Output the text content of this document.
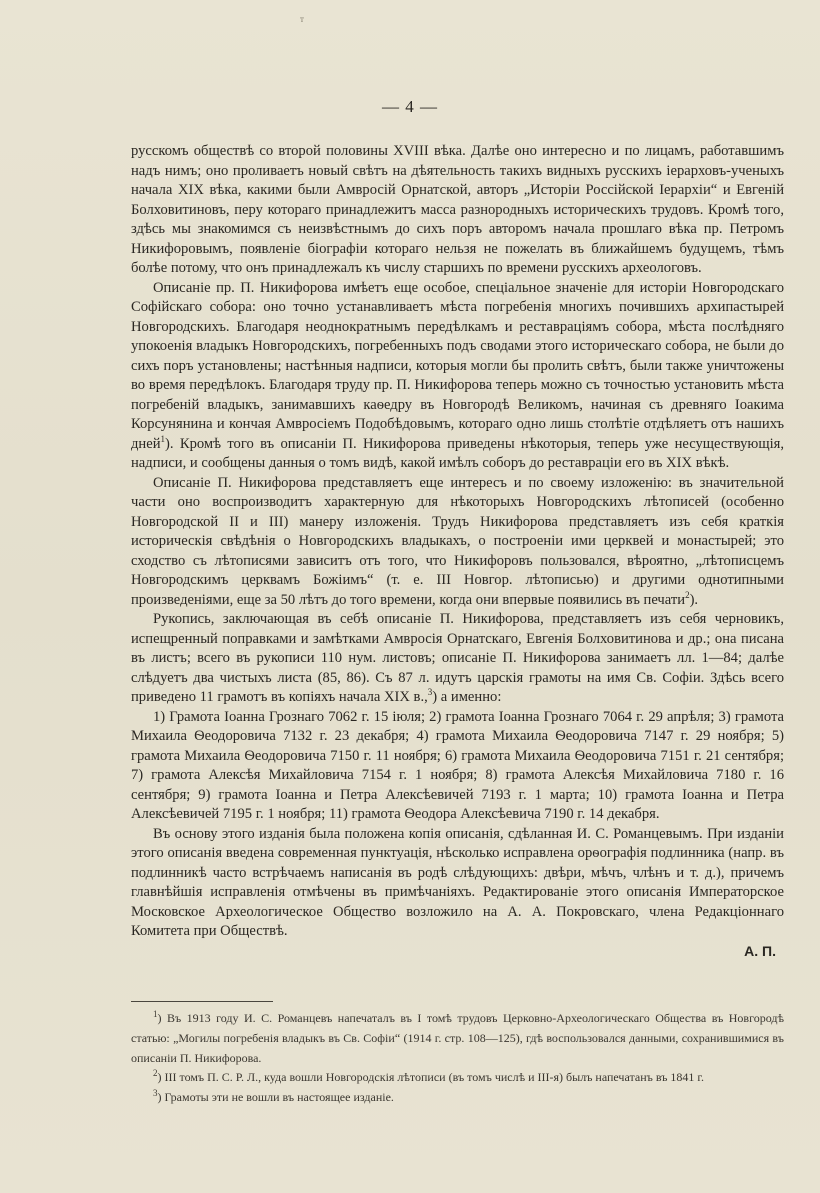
т
— 4 —

русскомъ обществѣ со второй половины XVIII вѣка. Далѣе оно интересно и по лицамъ, работавшимъ надъ нимъ; оно проливаетъ новый свѣтъ на дѣятельность такихъ видныхъ русскихъ іерарховъ-ученыхъ начала XIX вѣка, какими были Амвросій Орнатской, авторъ „Исторіи Россійской Іерархіи“ и Евгеній Болховитиновъ, перу котораго принадлежитъ масса разнородныхъ историческихъ трудовъ. Кромѣ того, здѣсь мы знакомимся съ неизвѣстнымъ до сихъ поръ авторомъ начала прошлаго вѣка пр. Петромъ Никифоровымъ, появленіе біографіи котораго нельзя не пожелать въ ближайшемъ будущемъ, тѣмъ болѣе потому, что онъ принадлежалъ къ числу старшихъ по времени русскихъ археологовъ.

Описаніе пр. П. Никифорова имѣетъ еще особое, спеціальное значеніе для исторіи Новгородскаго Софійскаго собора: оно точно устанавливаетъ мѣста погребенія многихъ почившихъ архипастырей Новгородскихъ. Благодаря неоднократнымъ передѣлкамъ и реставраціямъ собора, мѣста послѣдняго упокоенія владыкъ Новгородскихъ, погребенныхъ подъ сводами этого историческаго собора, не были до сихъ поръ установлены; настѣнныя надписи, которыя могли бы пролить свѣтъ, были также уничтожены во время передѣлокъ. Благодаря труду пр. П. Никифорова теперь можно съ точностью установить мѣста погребеній владыкъ, занимавшихъ каѳедру въ Новгородѣ Великомъ, начиная съ древняго Іоакима Корсунянина и кончая Амвросіемъ Подобѣдовымъ, котораго одно лишь столѣтіе отдѣляетъ отъ нашихъ дней$^1$). Кромѣ того въ описаніи П. Никифорова приведены нѣкоторыя, теперь уже несуществующія, надписи, и сообщены данныя о томъ видѣ, какой имѣлъ соборъ до реставраціи его въ XIX вѣкѣ.

Описаніе П. Никифорова представляетъ еще интересъ и по своему изложенію: въ значительной части оно воспроизводитъ характерную для нѣкоторыхъ Новгородскихъ лѣтописей (особенно Новгородской II и III) манеру изложенія. Трудъ Никифорова представляетъ изъ себя краткія историческія свѣдѣнія о Новгородскихъ владыкахъ, о построеніи ими церквей и монастырей; это сходство съ лѣтописями зависитъ отъ того, что Никифоровъ пользовался, вѣроятно, „лѣтописцемъ Новгородскимъ церквамъ Божіимъ“ (т. е. III Новгор. лѣтописью) и другими однотипными произведеніями, еще за 50 лѣтъ до того времени, когда они впервые появились въ печати$^2$).

Рукопись, заключающая въ себѣ описаніе П. Никифорова, представляетъ изъ себя черновикъ, испещренный поправками и замѣтками Амвросія Орнатскаго, Евгенія Болховитинова и др.; она писана въ листъ; всего въ рукописи 110 нум. листовъ; описаніе П. Никифорова занимаетъ лл. 1—84; далѣе слѣдуетъ два чистыхъ листа (85, 86). Съ 87 л. идутъ царскія грамоты на имя Св. Софіи. Здѣсь всего приведено 11 грамотъ въ копіяхъ начала XIX в.,$^3$) а именно:

1) Грамота Іоанна Грознаго 7062 г. 15 іюля; 2) грамота Іоанна Грознаго 7064 г. 29 апрѣля; 3) грамота Михаила Ѳеодоровича 7132 г. 23 декабря; 4) грамота Михаила Ѳеодоровича 7147 г. 29 ноября; 5) грамота Михаила Ѳеодоровича 7150 г. 11 ноября; 6) грамота Михаила Ѳеодоровича 7151 г. 21 сентября; 7) грамота Алексѣя Михайловича 7154 г. 1 ноября; 8) грамота Алексѣя Михайловича 7180 г. 16 сентября; 9) грамота Іоанна и Петра Алексѣевичей 7193 г. 1 марта; 10) грамота Іоанна и Петра Алексѣевичей 7195 г. 1 ноября; 11) грамота Ѳеодора Алексѣевича 7190 г. 14 декабря.

Въ основу этого изданія была положена копія описанія, сдѣланная И. С. Романцевымъ. При изданіи этого описанія введена современная пунктуація, нѣсколько исправлена орѳографія подлинника (напр. въ подлинникѣ часто встрѣчаемъ написанія въ родѣ слѣдующихъ: двѣри, мѣчъ, члѣнъ и т. д.), причемъ главнѣйшія исправленія отмѣчены въ примѣчаніяхъ. Редактированіе этого описанія Императорское Московское Археологическое Общество возложило на А. А. Покровскаго, члена Редакціоннаго Комитета при Обществѣ.

А. П.

$^1$) Въ 1913 году И. С. Романцевъ напечаталъ въ I томѣ трудовъ Церковно-Археологическаго Общества въ Новгородѣ статью: „Могилы погребенія владыкъ въ Св. Софіи“ (1914 г. стр. 108—125), гдѣ воспользовался данными, сохранившимися въ описаніи П. Никифорова.

$^2$) III томъ П. С. Р. Л., куда вошли Новгородскія лѣтописи (въ томъ числѣ и III-я) былъ напечатанъ въ 1841 г.

$^3$) Грамоты эти не вошли въ настоящее изданіе.
